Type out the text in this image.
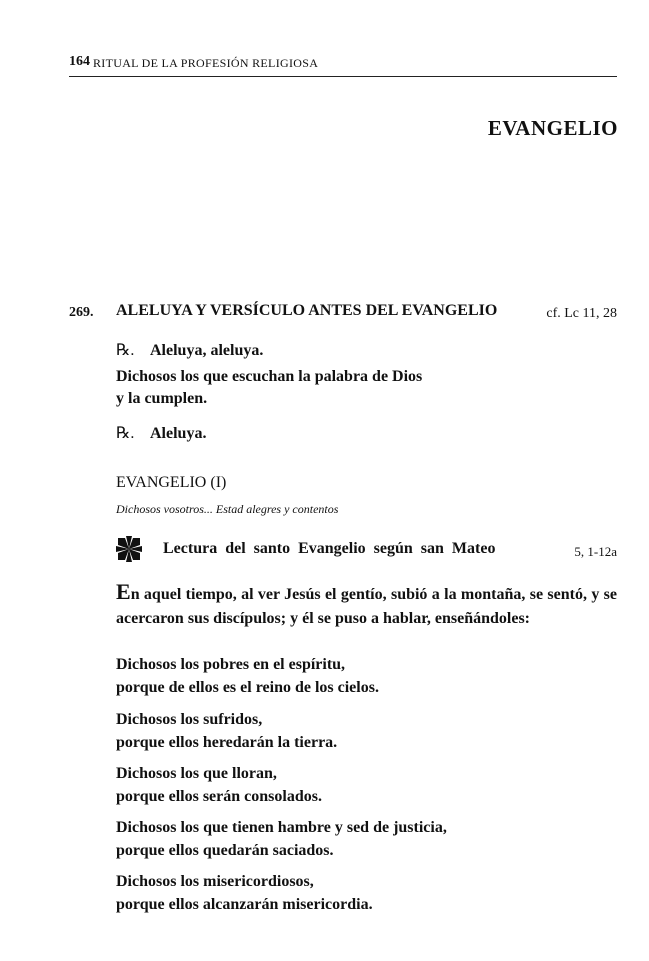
164 RITUAL DE LA PROFESIÓN RELIGIOSA
EVANGELIO
269. ALELUYA Y VERSÍCULO ANTES DEL EVANGELIO	cf. Lc 11, 28
℞. Aleluya, aleluya.
Dichosos los que escuchan la palabra de Dios
y la cumplen.
℞. Aleluya.
EVANGELIO (I)
Dichosos vosotros... Estad alegres y contentos
Lectura del santo Evangelio según san Mateo	5, 1-12a
En aquel tiempo, al ver Jesús el gentío, subió a la montaña, se sentó, y se acercaron sus discípulos; y él se puso a hablar, enseñándoles:
Dichosos los pobres en el espíritu,
porque de ellos es el reino de los cielos.
Dichosos los sufridos,
porque ellos heredarán la tierra.
Dichosos los que lloran,
porque ellos serán consolados.
Dichosos los que tienen hambre y sed de justicia,
porque ellos quedarán saciados.
Dichosos los misericordiosos,
porque ellos alcanzarán misericordia.
